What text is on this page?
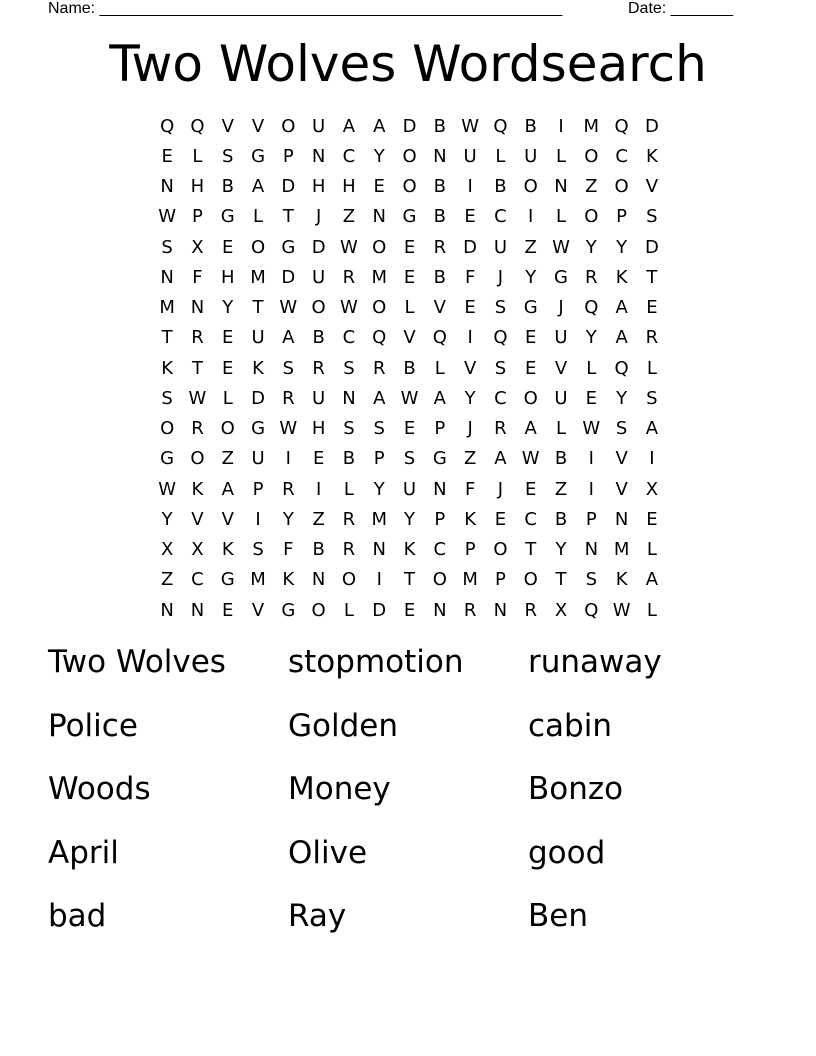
Name: ____________________________________________________	Date: _______
Two Wolves Wordsearch
Q Q V V O U A A D B W Q B	I	M Q D
E	L	S G P	N C	Y O N U	L	U	L	O C	K
N H B A D H H E O B	I	B O N Z O V
W P G	L	T	J	Z N G B	E	C	I	L	O P	S
S	X	E O G D W O E	R D U Z W Y	Y D
N	F	H M D U R M E	B	F	J	Y G R	K	T
M N	Y	T W O W O	L	V	E	S G	J	Q A	E
T	R	E	U A B C Q V Q	I	Q E	U	Y	A R
K	T	E	K	S	R	S	R B	L	V	S	E	V	L	Q	L
S W L	D R U N A W A	Y	C O U	E	Y	S
O R O G W H S	S	E	P	J	R A	L W S	A
G O Z U	I	E	B	P	S G Z A W B	I	V	I
W K	A	P	R	I	L	Y	U N	F	J	E	Z	I	V X
Y	V V	I	Y	Z R M Y	P	K	E	C B	P	N E
X X	K	S	F	B R N K	C	P O T	Y	N M L
Z C G M K N O	I	T O M P O T	S	K	A
N N E	V G O	L	D E N R N R X Q W L
Two Wolves	stopmotion	runaway
Police	Golden	cabin
Woods	Money	Bonzo
April	Olive	good
bad	Ray	Ben
